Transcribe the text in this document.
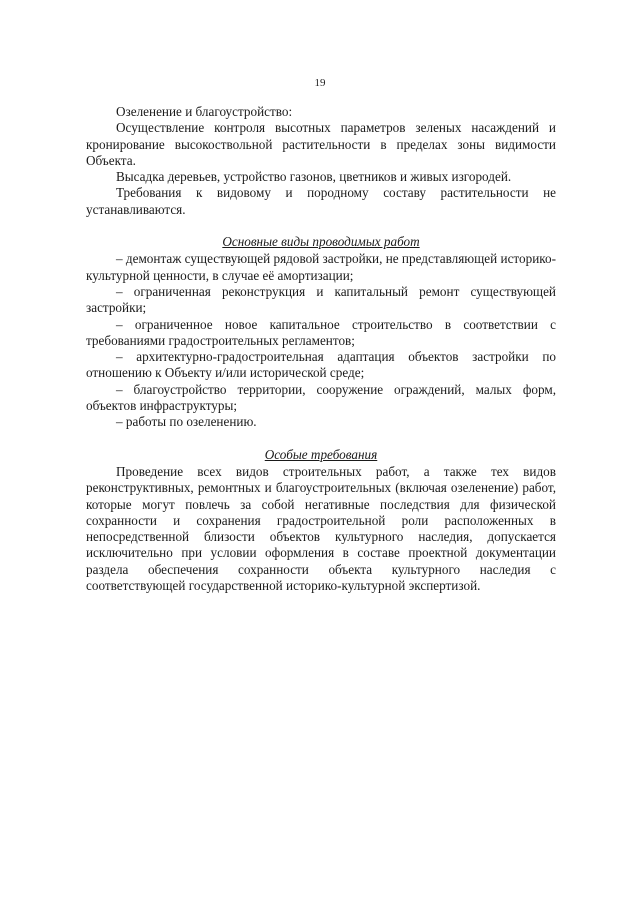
19

Озеленение и благоустройство:

Осуществление контроля высотных параметров зеленых насаждений и кронирование высокоствольной растительности в пределах зоны видимости Объекта.

Высадка деревьев, устройство газонов, цветников и живых изгородей.

Требования к видовому и породному составу растительности не устанавливаются.

Основные виды проводимых работ

– демонтаж существующей рядовой застройки, не представляющей историко-культурной ценности, в случае её амортизации;

– ограниченная реконструкция и капитальный ремонт существующей застройки;

– ограниченное новое капитальное строительство в соответствии с требованиями градостроительных регламентов;

– архитектурно-градостроительная адаптация объектов застройки по отношению к Объекту и/или исторической среде;

– благоустройство территории, сооружение ограждений, малых форм, объектов инфраструктуры;

– работы по озеленению.

Особые требования

Проведение всех видов строительных работ, а также тех видов реконструктивных, ремонтных и благоустроительных (включая озеленение) работ, которые могут повлечь за собой негативные последствия для физической сохранности и сохранения градостроительной роли расположенных в непосредственной близости объектов культурного наследия, допускается исключительно при условии оформления в составе проектной документации раздела обеспечения сохранности объекта культурного наследия с соответствующей государственной историко-культурной экспертизой.
